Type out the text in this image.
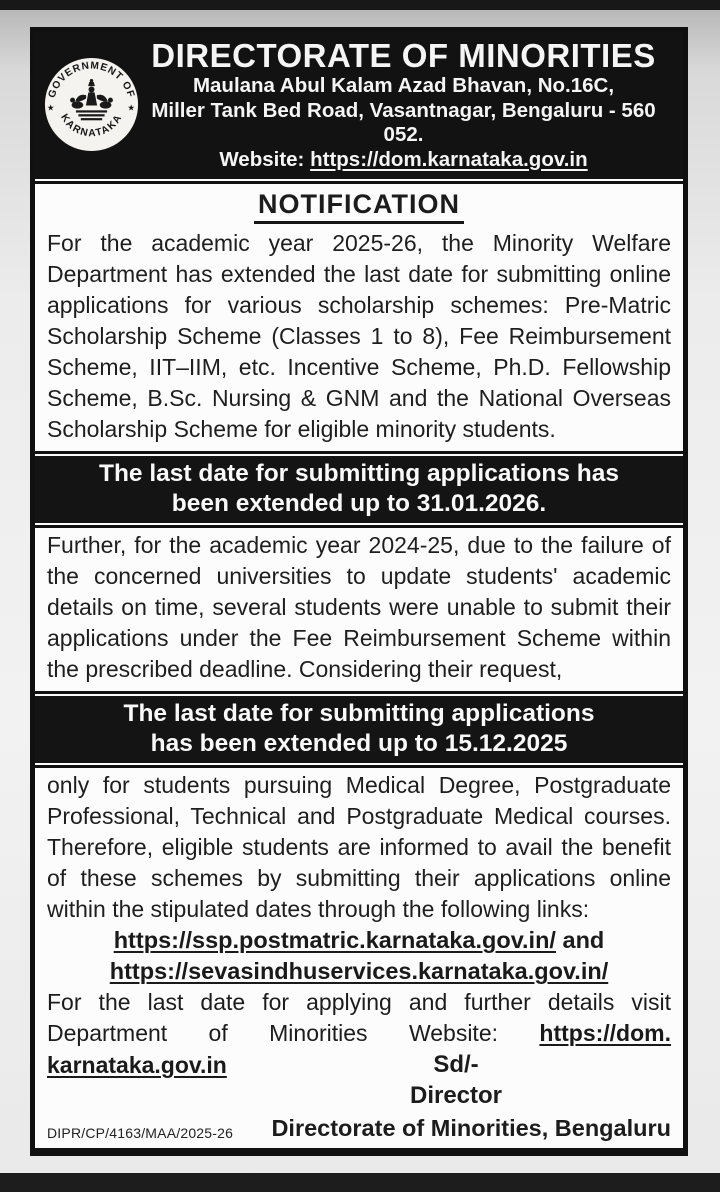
GOVERNMENT OF
KARNATAKA
★	★
DIRECTORATE OF MINORITIES
Maulana Abul Kalam Azad Bhavan, No.16C,
Miller Tank Bed Road, Vasantnagar, Bengaluru - 560 052.
Website: https://dom.karnataka.gov.in
NOTIFICATION

For the academic year 2025-26, the Minority Welfare Department has extended the last date for submitting online applications for various scholarship schemes: Pre-Matric Scholarship Scheme (Classes 1 to 8), Fee Reimbursement Scheme, IIT–IIM, etc. Incentive Scheme, Ph.D. Fellowship Scheme, B.Sc. Nursing & GNM and the National Overseas Scholarship Scheme for eligible minority students.

The last date for submitting applications has
been extended up to 31.01.2026.

Further, for the academic year 2024-25, due to the failure of the concerned universities to update students' academic details on time, several students were unable to submit their applications under the Fee Reimbursement Scheme within the prescribed deadline. Considering their request,

The last date for submitting applications
has been extended up to 15.12.2025

only for students pursuing Medical Degree, Postgraduate Professional, Technical and Postgraduate Medical courses. Therefore, eligible students are informed to avail the benefit of these schemes by submitting their applications online within the stipulated dates through the following links:

https://ssp.postmatric.karnataka.gov.in/ and
https://sevasindhuservices.karnataka.gov.in/
For the last date for applying and further details visit
Department of Minorities Website: https://dom.
karnataka.gov.in	Sd/-
Director
DIPR/CP/4163/MAA/2025-26 Directorate of Minorities, Bengaluru
